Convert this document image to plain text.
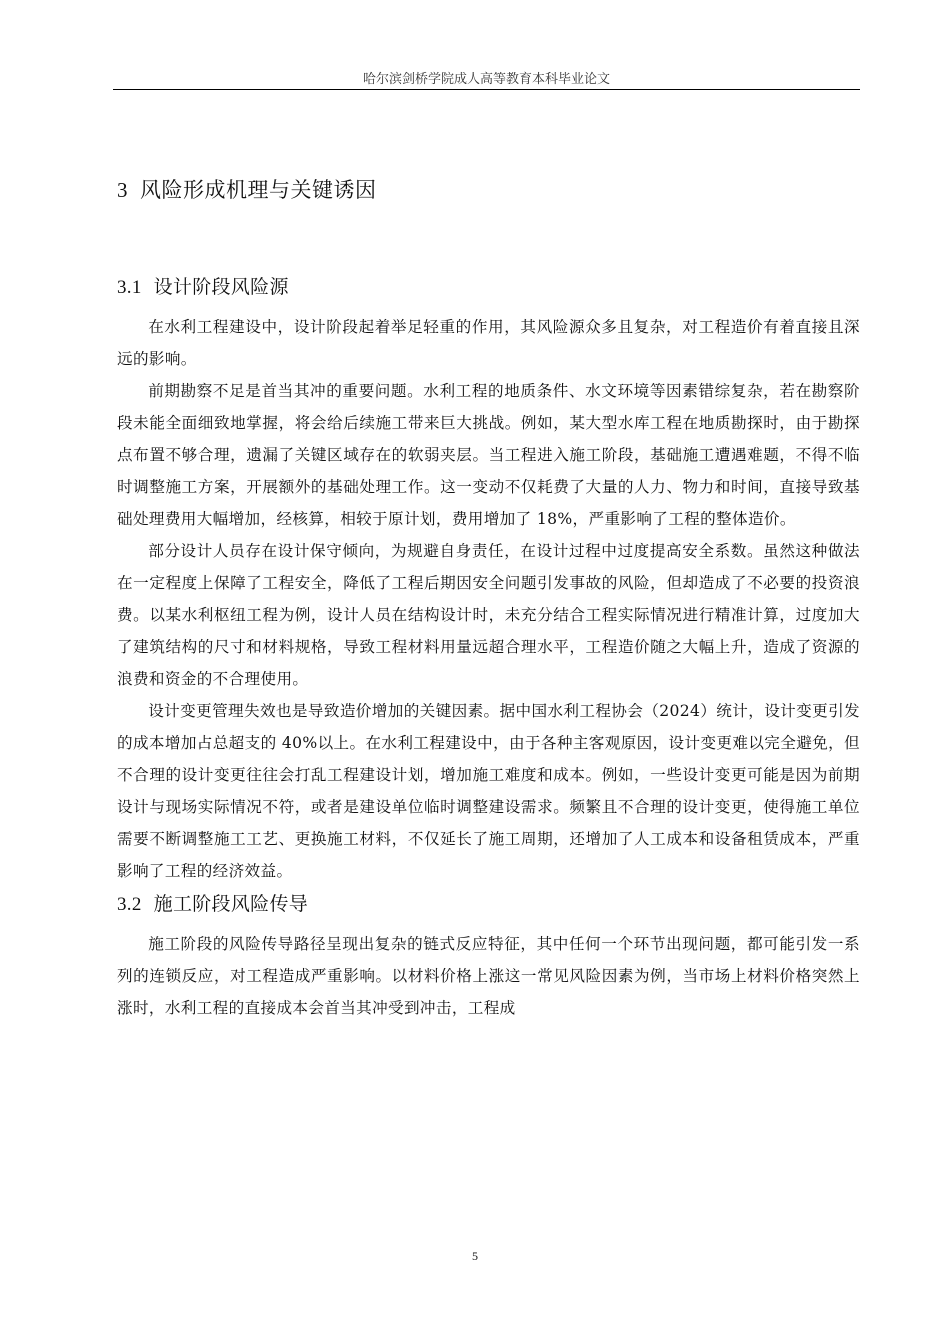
哈尔滨剑桥学院成人高等教育本科毕业论文
3 风险形成机理与关键诱因
3.1 设计阶段风险源

在水利工程建设中，设计阶段起着举足轻重的作用，其风险源众多且复杂，对工程造价有着直接且深远的影响。

前期勘察不足是首当其冲的重要问题。水利工程的地质条件、水文环境等因素错综复杂，若在勘察阶段未能全面细致地掌握，将会给后续施工带来巨大挑战。例如，某大型水库工程在地质勘探时，由于勘探点布置不够合理，遗漏了关键区域存在的软弱夹层。当工程进入施工阶段，基础施工遭遇难题，不得不临时调整施工方案，开展额外的基础处理工作。这一变动不仅耗费了大量的人力、物力和时间，直接导致基础处理费用大幅增加，经核算，相较于原计划，费用增加了 18%，严重影响了工程的整体造价。

部分设计人员存在设计保守倾向，为规避自身责任，在设计过程中过度提高安全系数。虽然这种做法在一定程度上保障了工程安全，降低了工程后期因安全问题引发事故的风险，但却造成了不必要的投资浪费。以某水利枢纽工程为例，设计人员在结构设计时，未充分结合工程实际情况进行精准计算，过度加大了建筑结构的尺寸和材料规格，导致工程材料用量远超合理水平，工程造价随之大幅上升，造成了资源的浪费和资金的不合理使用。

设计变更管理失效也是导致造价增加的关键因素。据中国水利工程协会（2024）统计，设计变更引发的成本增加占总超支的 40%以上。在水利工程建设中，由于各种主客观原因，设计变更难以完全避免，但不合理的设计变更往往会打乱工程建设计划，增加施工难度和成本。例如，一些设计变更可能是因为前期设计与现场实际情况不符，或者是建设单位临时调整建设需求。频繁且不合理的设计变更，使得施工单位需要不断调整施工工艺、更换施工材料，不仅延长了施工周期，还增加了人工成本和设备租赁成本，严重影响了工程的经济效益。

3.2 施工阶段风险传导

施工阶段的风险传导路径呈现出复杂的链式反应特征，其中任何一个环节出现问题，都可能引发一系列的连锁反应，对工程造成严重影响。以材料价格上涨这一常见风险因素为例，当市场上材料价格突然上涨时，水利工程的直接成本会首当其冲受到冲击，工程成

5
